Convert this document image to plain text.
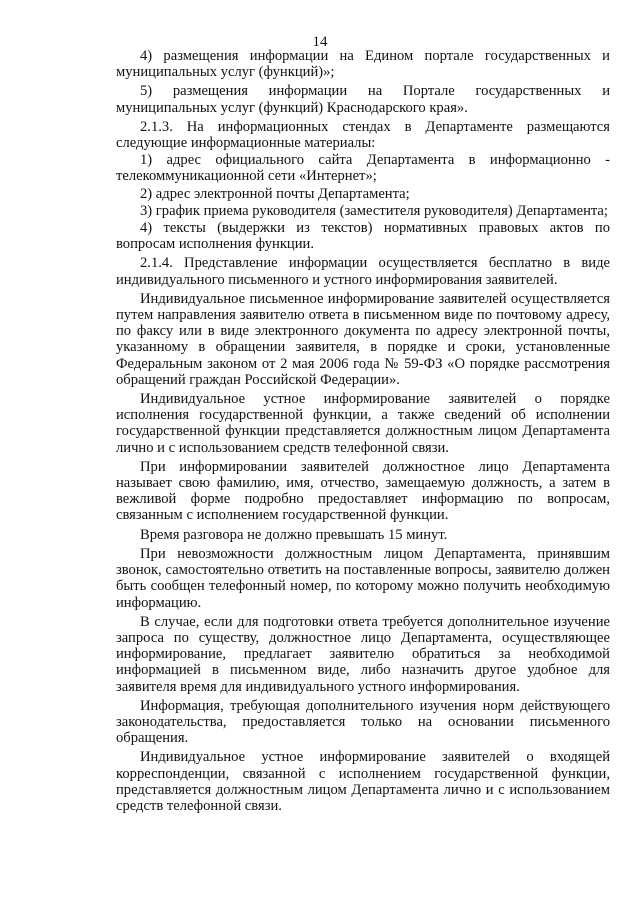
14

4) размещения информации на Едином портале государственных и муниципальных услуг (функций)»;

5) размещения информации на Портале государственных и муниципальных услуг (функций) Краснодарского края».

2.1.3. На информационных стендах в Департаменте размещаются следующие информационные материалы:

1) адрес официального сайта Департамента в информационно - телекоммуникационной сети «Интернет»;

2) адрес электронной почты Департамента;

3) график приема руководителя (заместителя руководителя) Департамента;

4) тексты (выдержки из текстов) нормативных правовых актов по вопросам исполнения функции.

2.1.4. Представление информации осуществляется бесплатно в виде индивидуального письменного и устного информирования заявителей.

Индивидуальное письменное информирование заявителей осуществляется путем направления заявителю ответа в письменном виде по почтовому адресу, по факсу или в виде электронного документа по адресу электронной почты, указанному в обращении заявителя, в порядке и сроки, установленные Федеральным законом от 2 мая 2006 года № 59-ФЗ «О порядке рассмотрения обращений граждан Российской Федерации».

Индивидуальное устное информирование заявителей о порядке исполнения государственной функции, а также сведений об исполнении государственной функции представляется должностным лицом Департамента лично и с использованием средств телефонной связи.

При информировании заявителей должностное лицо Департамента называет свою фамилию, имя, отчество, замещаемую должность, а затем в вежливой форме подробно предоставляет информацию по вопросам, связанным с исполнением государственной функции.

Время разговора не должно превышать 15 минут.

При невозможности должностным лицом Департамента, принявшим звонок, самостоятельно ответить на поставленные вопросы, заявителю должен быть сообщен телефонный номер, по которому можно получить необходимую информацию.

В случае, если для подготовки ответа требуется дополнительное изучение запроса по существу, должностное лицо Департамента, осуществляющее информирование, предлагает заявителю обратиться за необходимой информацией в письменном виде, либо назначить другое удобное для заявителя время для индивидуального устного информирования.

Информация, требующая дополнительного изучения норм действующего законодательства, предоставляется только на основании письменного обращения.

Индивидуальное устное информирование заявителей о входящей корреспонденции, связанной с исполнением государственной функции, представляется должностным лицом Департамента лично и с использованием средств телефонной связи.
